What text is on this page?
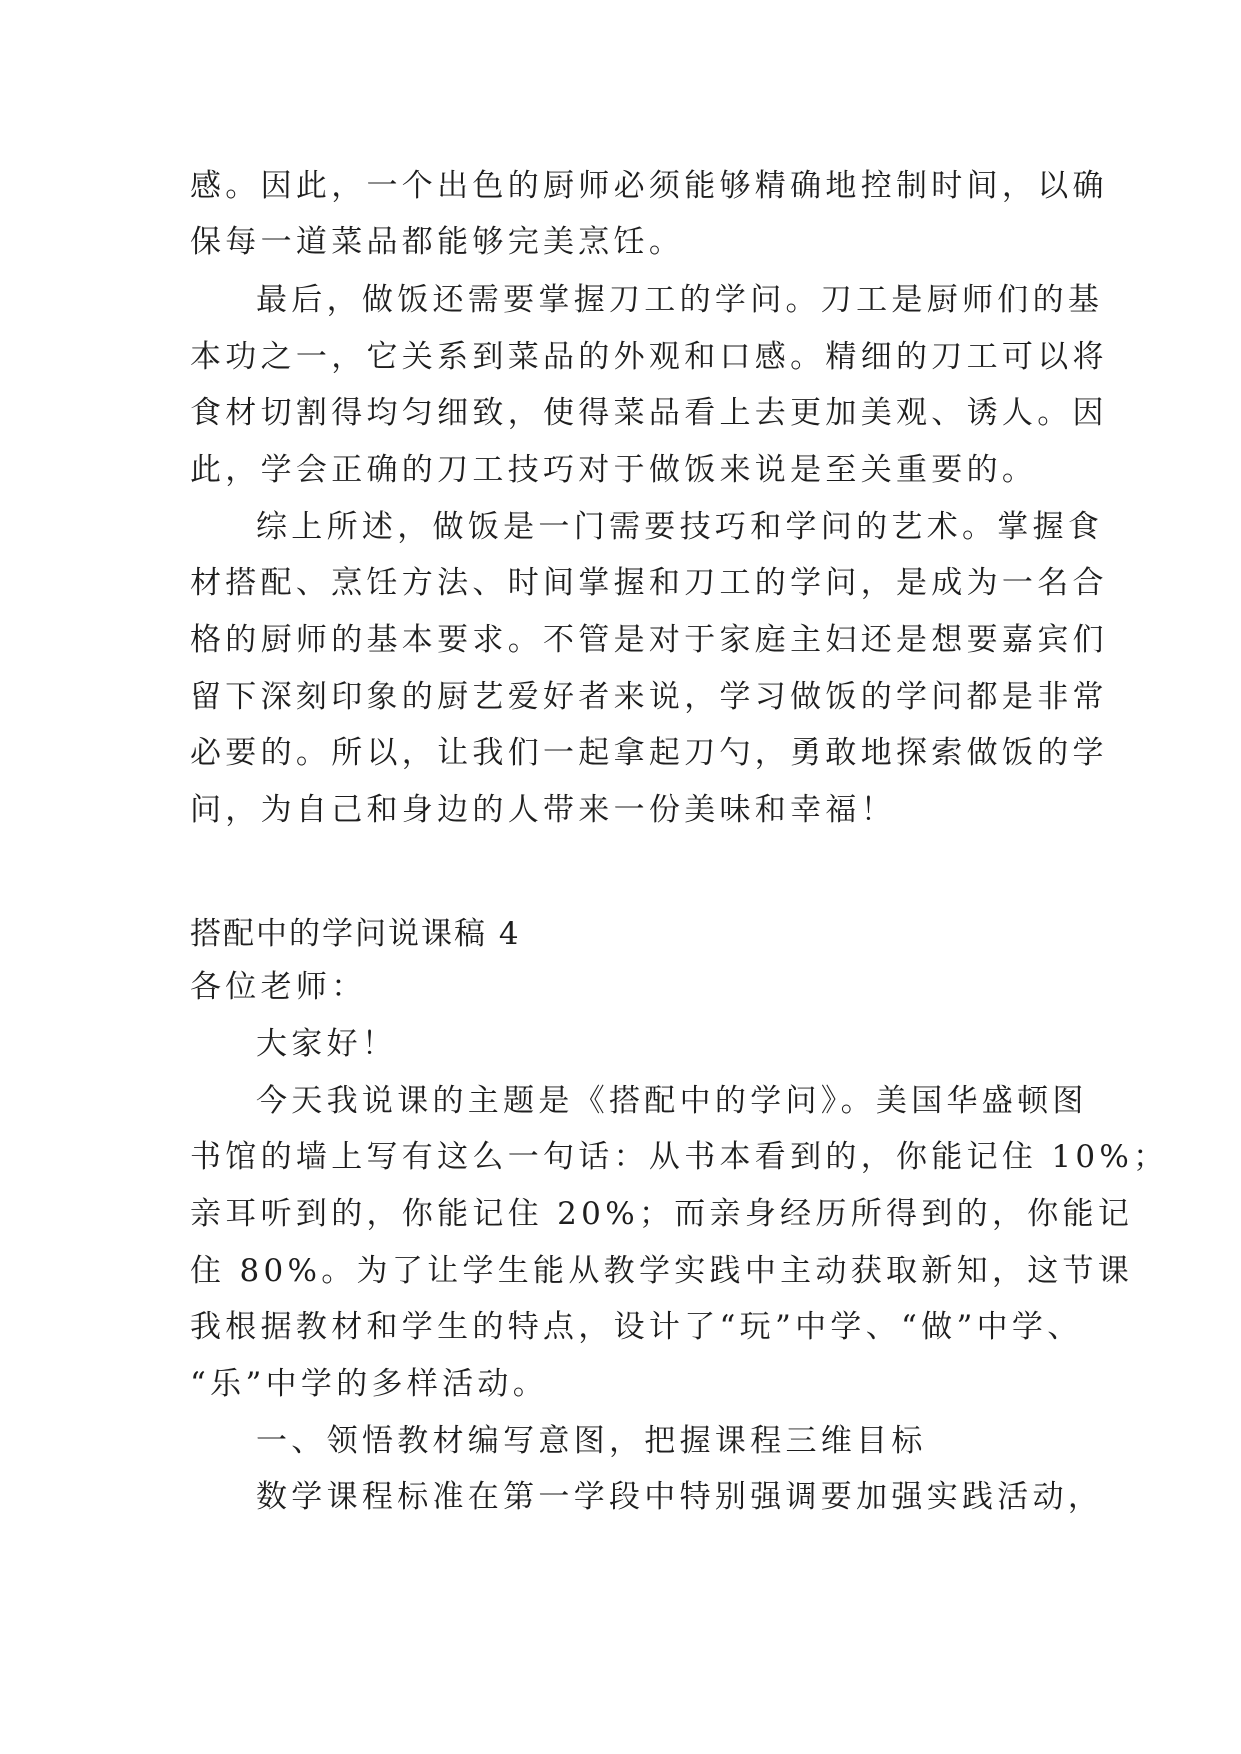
感。因此，一个出色的厨师必须能够精确地控制时间，以确
保每一道菜品都能够完美烹饪。
最后，做饭还需要掌握刀工的学问。刀工是厨师们的基
本功之一，它关系到菜品的外观和口感。精细的刀工可以将
食材切割得均匀细致，使得菜品看上去更加美观、诱人。因
此，学会正确的刀工技巧对于做饭来说是至关重要的。
综上所述，做饭是一门需要技巧和学问的艺术。掌握食
材搭配、烹饪方法、时间掌握和刀工的学问，是成为一名合
格的厨师的基本要求。不管是对于家庭主妇还是想要嘉宾们
留下深刻印象的厨艺爱好者来说，学习做饭的学问都是非常
必要的。所以，让我们一起拿起刀勺，勇敢地探索做饭的学
问，为自己和身边的人带来一份美味和幸福！
搭配中的学问说课稿 4
各位老师：
大家好！
今天我说课的主题是《搭配中的学问》。美国华盛顿图
书馆的墙上写有这么一句话：从书本看到的，你能记住 10%；
亲耳听到的，你能记住 20%；而亲身经历所得到的，你能记
住 80%。为了让学生能从教学实践中主动获取新知，这节课
我根据教材和学生的特点，设计了“玩”中学、“做”中学、
“乐”中学的多样活动。
一、领悟教材编写意图，把握课程三维目标
数学课程标准在第一学段中特别强调要加强实践活动，
